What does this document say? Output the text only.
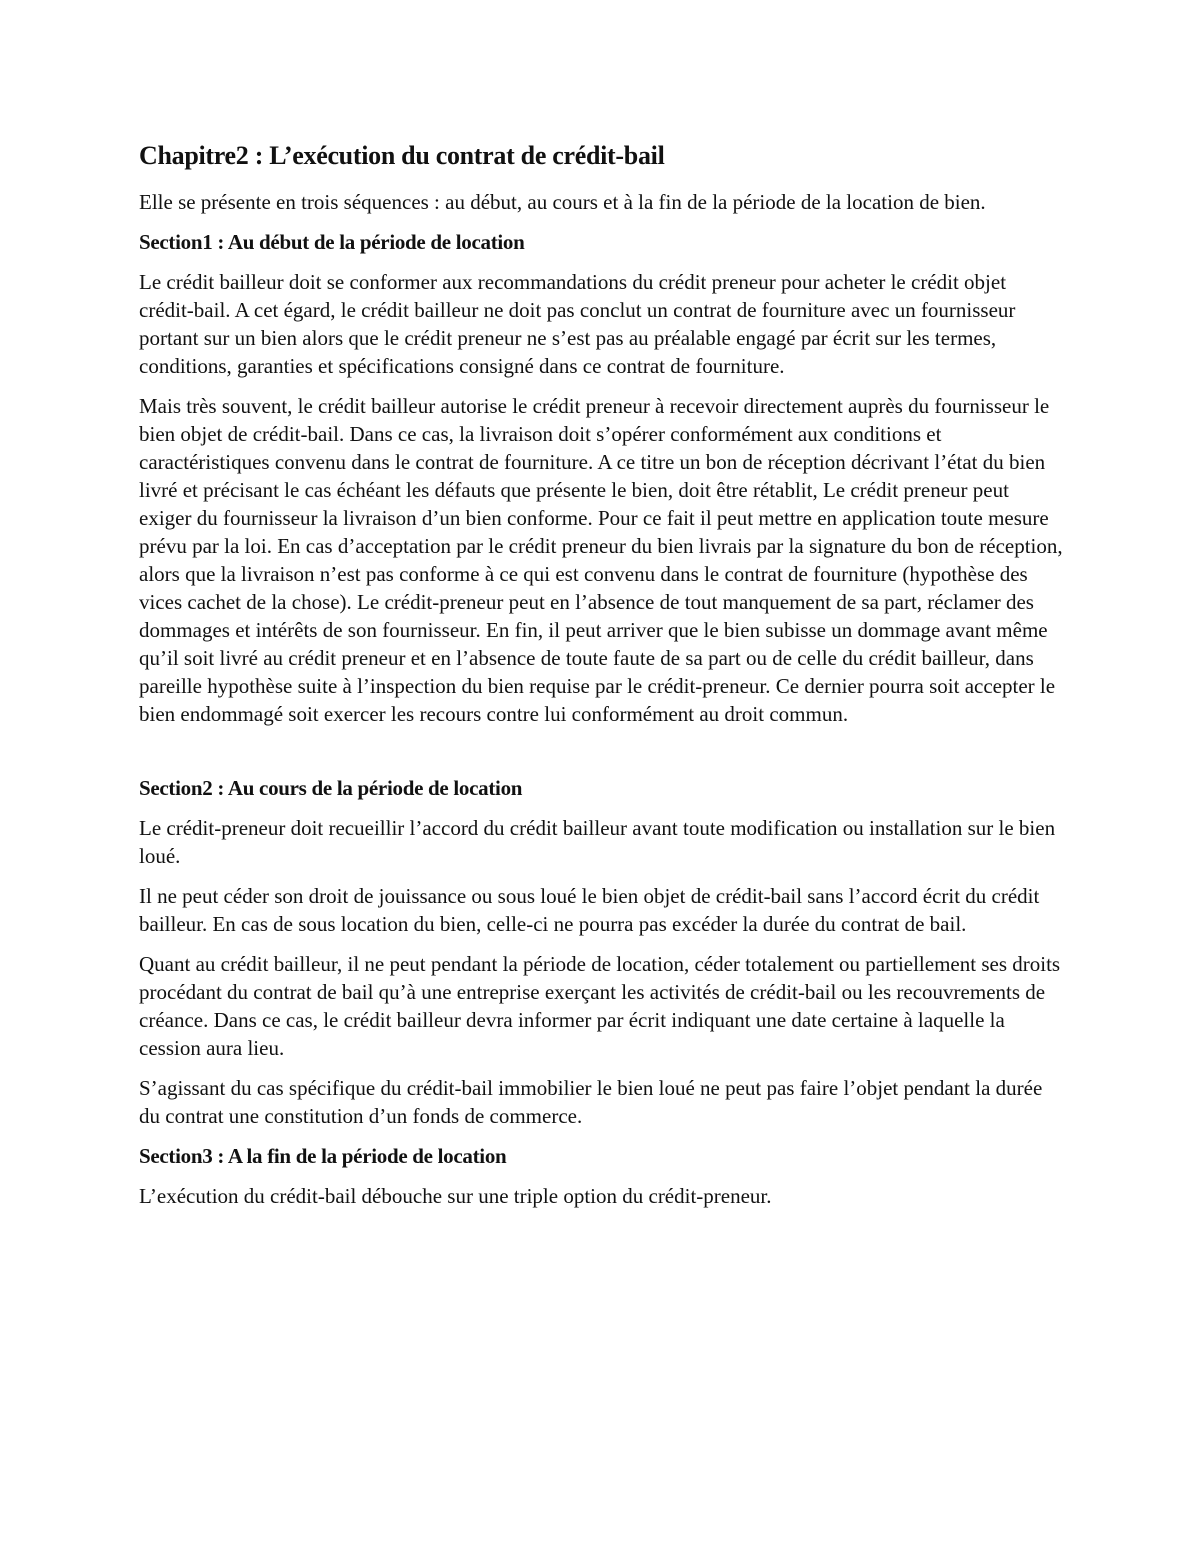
Chapitre2 : L’exécution du contrat de crédit-bail

Elle se présente en trois séquences : au début, au cours et à la fin de la période de la location de bien.

Section1 : Au début de la période de location

Le crédit bailleur doit se conformer aux recommandations du crédit preneur pour acheter le crédit objet crédit-bail. A cet égard, le crédit bailleur ne doit pas conclut un contrat de fourniture avec un fournisseur portant sur un bien alors que le crédit preneur ne s’est pas au préalable engagé par écrit sur les termes, conditions, garanties et spécifications consigné dans ce contrat de fourniture.

Mais très souvent, le crédit bailleur autorise le crédit preneur à recevoir directement auprès du fournisseur le bien objet de crédit-bail. Dans ce cas, la livraison doit s’opérer conformément aux conditions et caractéristiques convenu dans le contrat de fourniture. A ce titre un bon de réception décrivant l’état du bien livré et précisant le cas échéant les défauts que présente le bien, doit être rétablit, Le crédit preneur peut exiger du fournisseur la livraison d’un bien conforme. Pour ce fait il peut mettre en application toute mesure prévu par la loi. En cas d’acceptation par le crédit preneur du bien livrais par la signature du bon de réception, alors que la livraison n’est pas conforme à ce qui est convenu dans le contrat de fourniture (hypothèse des vices cachet de la chose). Le crédit-preneur peut en l’absence de tout manquement de sa part, réclamer des dommages et intérêts de son fournisseur. En fin, il peut arriver que le bien subisse un dommage avant même qu’il soit livré au crédit preneur et en l’absence de toute faute de sa part ou de celle du crédit bailleur, dans pareille hypothèse suite à l’inspection du bien requise par le crédit-preneur. Ce dernier pourra soit accepter le bien endommagé soit exercer les recours contre lui conformément au droit commun.

Section2 : Au cours de la période de location

Le crédit-preneur doit recueillir l’accord du crédit bailleur avant toute modification ou installation sur le bien loué.

Il ne peut céder son droit de jouissance ou sous loué le bien objet de crédit-bail sans l’accord écrit du crédit bailleur. En cas de sous location du bien, celle-ci ne pourra pas excéder la durée du contrat de bail.

Quant au crédit bailleur, il ne peut pendant la période de location, céder totalement ou partiellement ses droits procédant du contrat de bail qu’à une entreprise exerçant les activités de crédit-bail ou les recouvrements de créance. Dans ce cas, le crédit bailleur devra informer par écrit indiquant une date certaine à laquelle la cession aura lieu.

S’agissant du cas spécifique du crédit-bail immobilier le bien loué ne peut pas faire l’objet pendant la durée du contrat une constitution d’un fonds de commerce.

Section3 : A la fin de la période de location

L’exécution du crédit-bail débouche sur une triple option du crédit-preneur.
